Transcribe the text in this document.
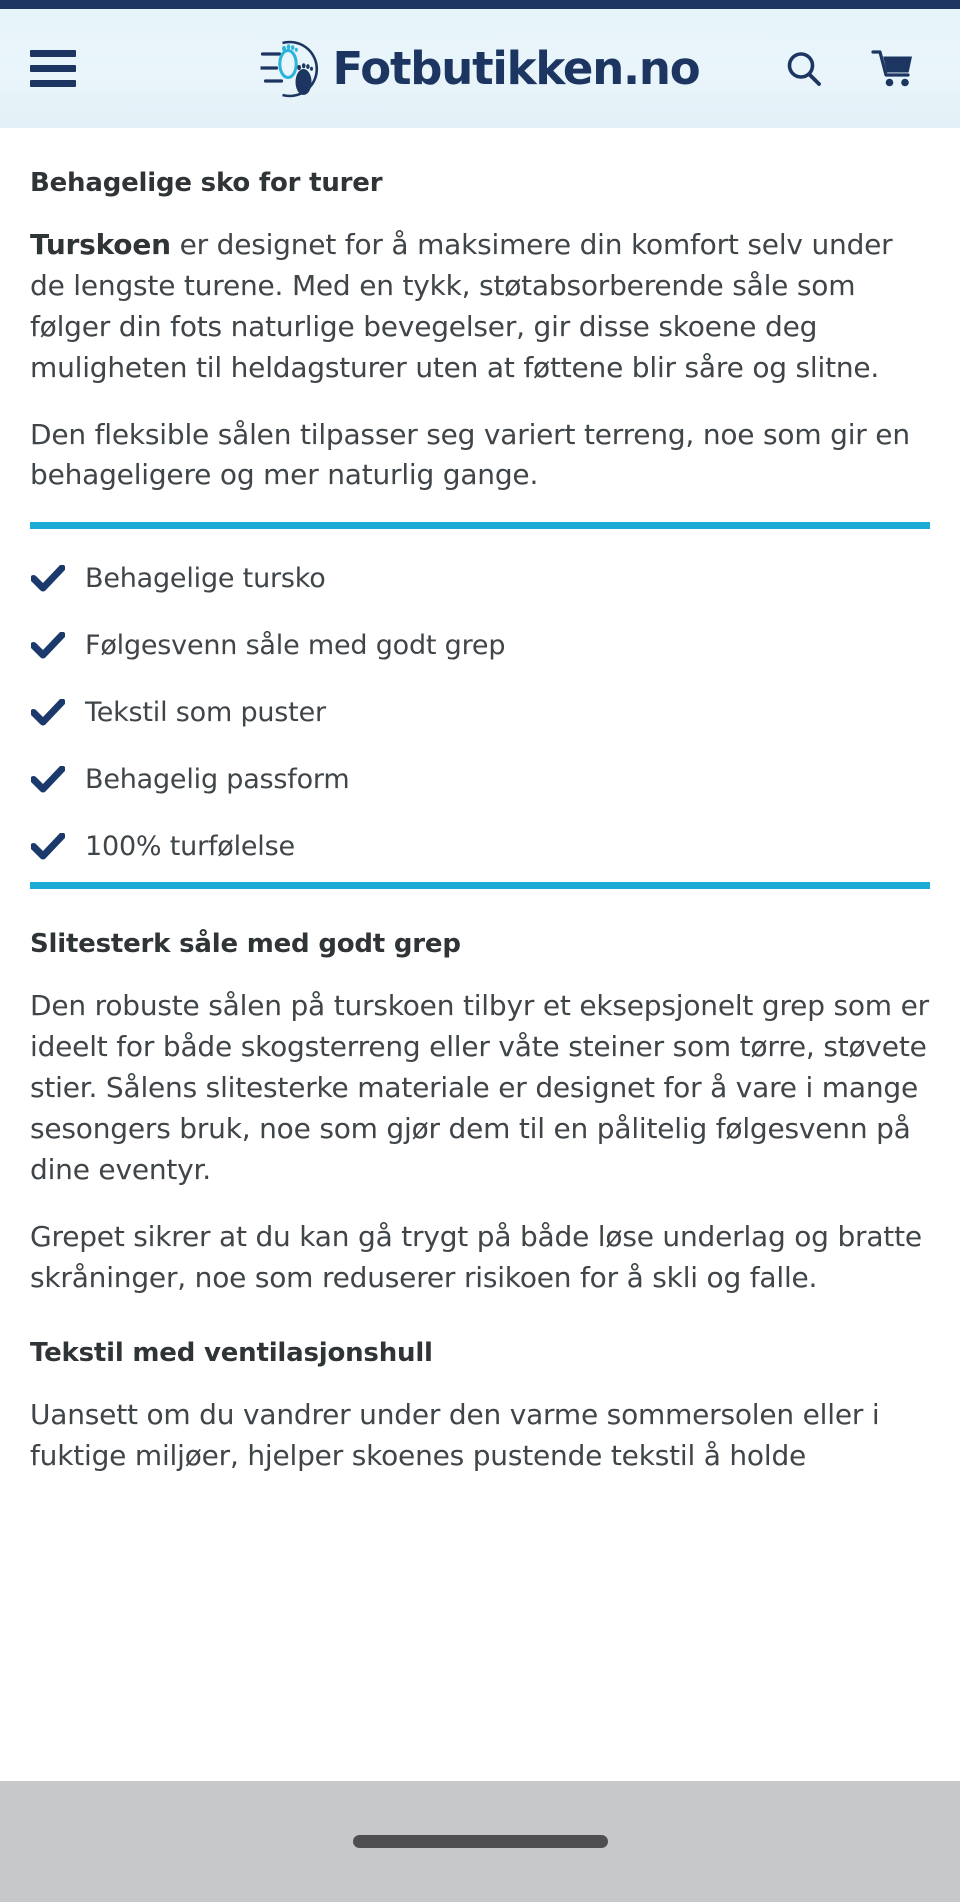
Fotbutikken.no
Behagelige sko for turer

Turskoen er designet for å maksimere din komfort selv under de lengste turene. Med en tykk, støtabsorberende såle som følger din fots naturlige bevegelser, gir disse skoene deg muligheten til heldagsturer uten at føttene blir såre og slitne.

Den fleksible sålen tilpasser seg variert terreng, noe som gir en behageligere og mer naturlig gange.

Behagelige tursko
Følgesvenn såle med godt grep
Tekstil som puster
Behagelig passform
100% turfølelse
Slitesterk såle med godt grep

Den robuste sålen på turskoen tilbyr et eksepsjonelt grep som er ideelt for både skogsterreng eller våte steiner som tørre, støvete stier. Sålens slitesterke materiale er designet for å vare i mange sesongers bruk, noe som gjør dem til en pålitelig følgesvenn på dine eventyr.

Grepet sikrer at du kan gå trygt på både løse underlag og bratte skråninger, noe som reduserer risikoen for å skli og falle.

Tekstil med ventilasjonshull

Uansett om du vandrer under den varme sommersolen eller i fuktige miljøer, hjelper skoenes pustende tekstil å holde
